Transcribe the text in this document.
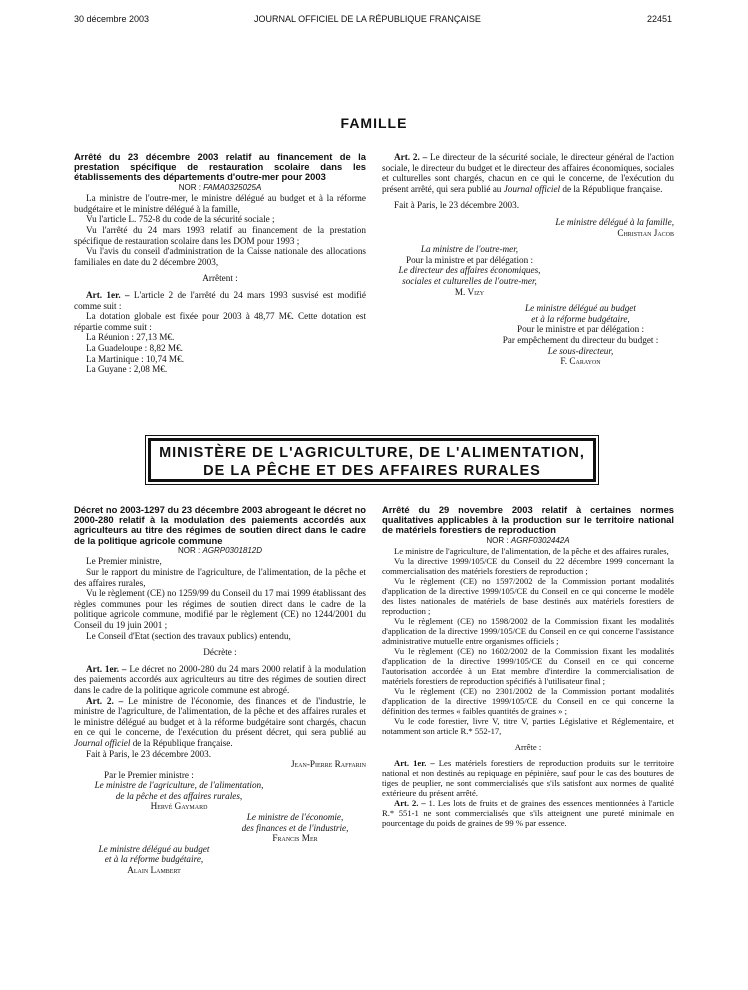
30 décembre 2003	JOURNAL OFFICIEL DE LA RÉPUBLIQUE FRANÇAISE	22451
FAMILLE

Arrêté du 23 décembre 2003 relatif au financement de la prestation spécifique de restauration scolaire dans les établissements des départements d'outre-mer pour 2003

NOR : FAMA0325025A

La ministre de l'outre-mer, le ministre délégué au budget et à la réforme budgétaire et le ministre délégué à la famille,

Vu l'article L. 752-8 du code de la sécurité sociale ;

Vu l'arrêté du 24 mars 1993 relatif au financement de la prestation spécifique de restauration scolaire dans les DOM pour 1993 ;

Vu l'avis du conseil d'administration de la Caisse nationale des allocations familiales en date du 2 décembre 2003,

Arrêtent :

Art. 1er. – L'article 2 de l'arrêté du 24 mars 1993 susvisé est modifié comme suit :

La dotation globale est fixée pour 2003 à 48,77 M€. Cette dotation est répartie comme suit :

La Réunion : 27,13 M€.

La Guadeloupe : 8,82 M€.

La Martinique : 10,74 M€.

La Guyane : 2,08 M€.

Art. 2. – Le directeur de la sécurité sociale, le directeur général de l'action sociale, le directeur du budget et le directeur des affaires économiques, sociales et culturelles sont chargés, chacun en ce qui le concerne, de l'exécution du présent arrêté, qui sera publié au Journal officiel de la République française.

Fait à Paris, le 23 décembre 2003.

Le ministre délégué à la famille,

Christian Jacob

La ministre de l'outre-mer,

Pour la ministre et par délégation :

Le directeur des affaires économiques,

sociales et culturelles de l'outre-mer,

M. Vizy

Le ministre délégué au budget

et à la réforme budgétaire,

Pour le ministre et par délégation :

Par empêchement du directeur du budget :

Le sous-directeur,

F. Carayon

MINISTÈRE DE L'AGRICULTURE, DE L'ALIMENTATION,
DE LA PÊCHE ET DES AFFAIRES RURALES

Décret no 2003-1297 du 23 décembre 2003 abrogeant le décret no 2000-280 relatif à la modulation des paiements accordés aux agriculteurs au titre des régimes de soutien direct dans le cadre de la politique agricole commune

NOR : AGRP0301812D

Le Premier ministre,

Sur le rapport du ministre de l'agriculture, de l'alimentation, de la pêche et des affaires rurales,

Vu le règlement (CE) no 1259/99 du Conseil du 17 mai 1999 établissant des règles communes pour les régimes de soutien direct dans le cadre de la politique agricole commune, modifié par le règlement (CE) no 1244/2001 du Conseil du 19 juin 2001 ;

Le Conseil d'Etat (section des travaux publics) entendu,

Décrète :

Art. 1er. – Le décret no 2000-280 du 24 mars 2000 relatif à la modulation des paiements accordés aux agriculteurs au titre des régimes de soutien direct dans le cadre de la politique agricole commune est abrogé.

Art. 2. – Le ministre de l'économie, des finances et de l'industrie, le ministre de l'agriculture, de l'alimentation, de la pêche et des affaires rurales et le ministre délégué au budget et à la réforme budgétaire sont chargés, chacun en ce qui le concerne, de l'exécution du présent décret, qui sera publié au Journal officiel de la République française.

Fait à Paris, le 23 décembre 2003.

Jean-Pierre Raffarin

Par le Premier ministre :

Le ministre de l'agriculture, de l'alimentation,

de la pêche et des affaires rurales,

Hervé Gaymard

Le ministre de l'économie,

des finances et de l'industrie,

Francis Mer

Le ministre délégué au budget

et à la réforme budgétaire,

Alain Lambert

Arrêté du 29 novembre 2003 relatif à certaines normes qualitatives applicables à la production sur le territoire national de matériels forestiers de reproduction

NOR : AGRF0302442A

Le ministre de l'agriculture, de l'alimentation, de la pêche et des affaires rurales,

Vu la directive 1999/105/CE du Conseil du 22 décembre 1999 concernant la commercialisation des matériels forestiers de reproduction ;

Vu le règlement (CE) no 1597/2002 de la Commission portant modalités d'application de la directive 1999/105/CE du Conseil en ce qui concerne le modèle des listes nationales de matériels de base destinés aux matériels forestiers de reproduction ;

Vu le règlement (CE) no 1598/2002 de la Commission fixant les modalités d'application de la directive 1999/105/CE du Conseil en ce qui concerne l'assistance administrative mutuelle entre organismes officiels ;

Vu le règlement (CE) no 1602/2002 de la Commission fixant les modalités d'application de la directive 1999/105/CE du Conseil en ce qui concerne l'autorisation accordée à un Etat membre d'interdire la commercialisation de matériels forestiers de reproduction spécifiés à l'utilisateur final ;

Vu le règlement (CE) no 2301/2002 de la Commission portant modalités d'application de la directive 1999/105/CE du Conseil en ce qui concerne la définition des termes « faibles quantités de graines » ;

Vu le code forestier, livre V, titre V, parties Législative et Réglementaire, et notamment son article R.* 552-17,

Arrête :

Art. 1er. – Les matériels forestiers de reproduction produits sur le territoire national et non destinés au repiquage en pépinière, sauf pour le cas des boutures de tiges de peuplier, ne sont commercialisés que s'ils satisfont aux normes de qualité extérieure du présent arrêté.

Art. 2. – 1. Les lots de fruits et de graines des essences mentionnées à l'article R.* 551-1 ne sont commercialisés que s'ils atteignent une pureté minimale en pourcentage du poids de graines de 99 % par essence.
